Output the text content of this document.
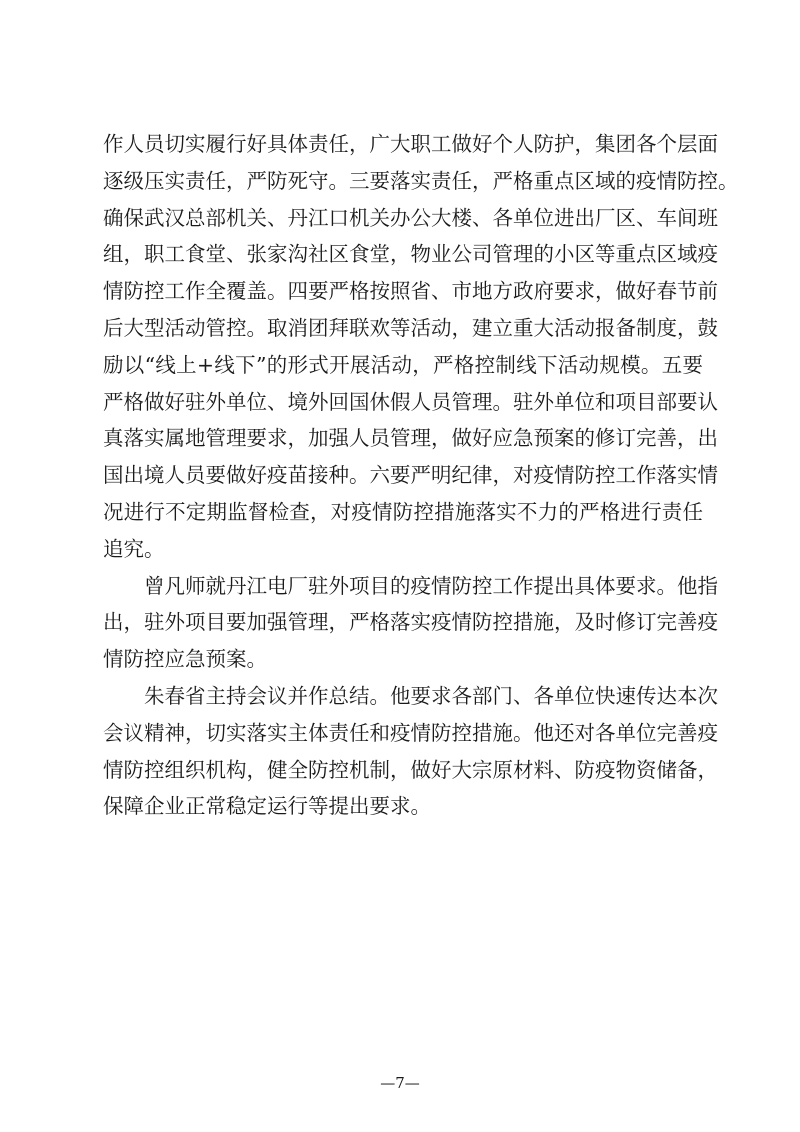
作人员切实履行好具体责任，广大职工做好个人防护，集团各个层面
逐级压实责任，严防死守。三要落实责任，严格重点区域的疫情防控。
确保武汉总部机关、丹江口机关办公大楼、各单位进出厂区、车间班
组，职工食堂、张家沟社区食堂，物业公司管理的小区等重点区域疫
情防控工作全覆盖。四要严格按照省、市地方政府要求，做好春节前
后大型活动管控。取消团拜联欢等活动，建立重大活动报备制度，鼓
励以“线上+线下”的形式开展活动，严格控制线下活动规模。五要
严格做好驻外单位、境外回国休假人员管理。驻外单位和项目部要认
真落实属地管理要求，加强人员管理，做好应急预案的修订完善，出
国出境人员要做好疫苗接种。六要严明纪律，对疫情防控工作落实情
况进行不定期监督检查，对疫情防控措施落实不力的严格进行责任
追究。
曾凡师就丹江电厂驻外项目的疫情防控工作提出具体要求。他指
出，驻外项目要加强管理，严格落实疫情防控措施，及时修订完善疫
情防控应急预案。
朱春省主持会议并作总结。他要求各部门、各单位快速传达本次
会议精神，切实落实主体责任和疫情防控措施。他还对各单位完善疫
情防控组织机构，健全防控机制，做好大宗原材料、防疫物资储备，
保障企业正常稳定运行等提出要求。
—7—
